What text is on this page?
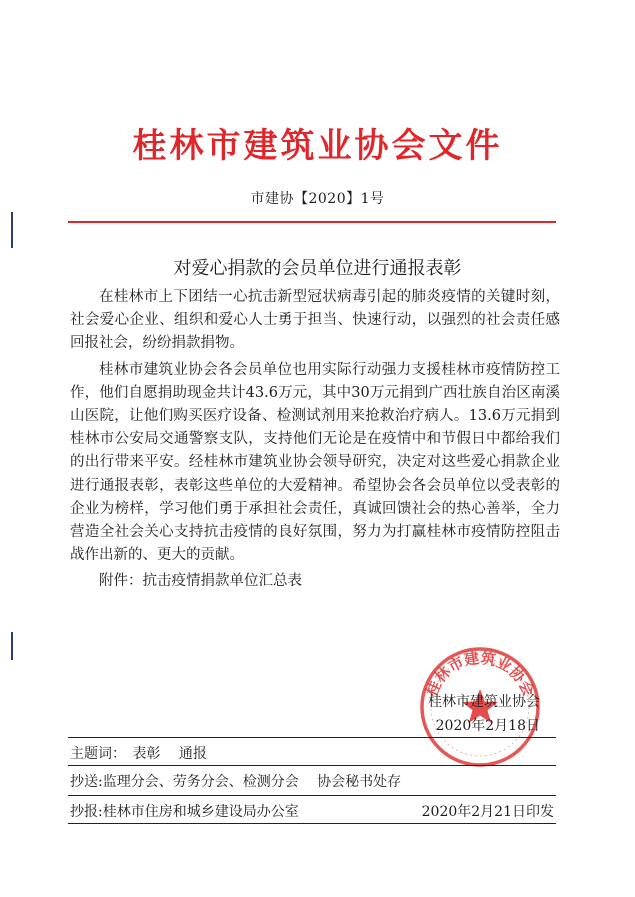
桂林市建筑业协会文件
市建协【2020】1号
对爱心捐款的会员单位进行通报表彰

在桂林市上下团结一心抗击新型冠状病毒引起的肺炎疫情的关键时刻，社会爱心企业、组织和爱心人士勇于担当、快速行动，以强烈的社会责任感回报社会，纷纷捐款捐物。

桂林市建筑业协会各会员单位也用实际行动强力支援桂林市疫情防控工作，他们自愿捐助现金共计43.6万元，其中30万元捐到广西壮族自治区南溪山医院，让他们购买医疗设备、检测试剂用来抢救治疗病人。13.6万元捐到桂林市公安局交通警察支队，支持他们无论是在疫情中和节假日中都给我们的出行带来平安。经桂林市建筑业协会领导研究，决定对这些爱心捐款企业进行通报表彰，表彰这些单位的大爱精神。希望协会各会员单位以受表彰的企业为榜样，学习他们勇于承担社会责任，真诚回馈社会的热心善举，全力营造全社会关心支持抗击疫情的良好氛围，努力为打赢桂林市疫情防控阻击战作出新的、更大的贡献。

附件：抗击疫情捐款单位汇总表

桂林市建筑业协会
桂林市建筑业协会
2020年2月18日
主题词： 表彰 通报
抄送:监理分会、劳务分会、检测分会 协会秘书处存
抄报:桂林市住房和城乡建设局办公室	2020年2月21日印发
